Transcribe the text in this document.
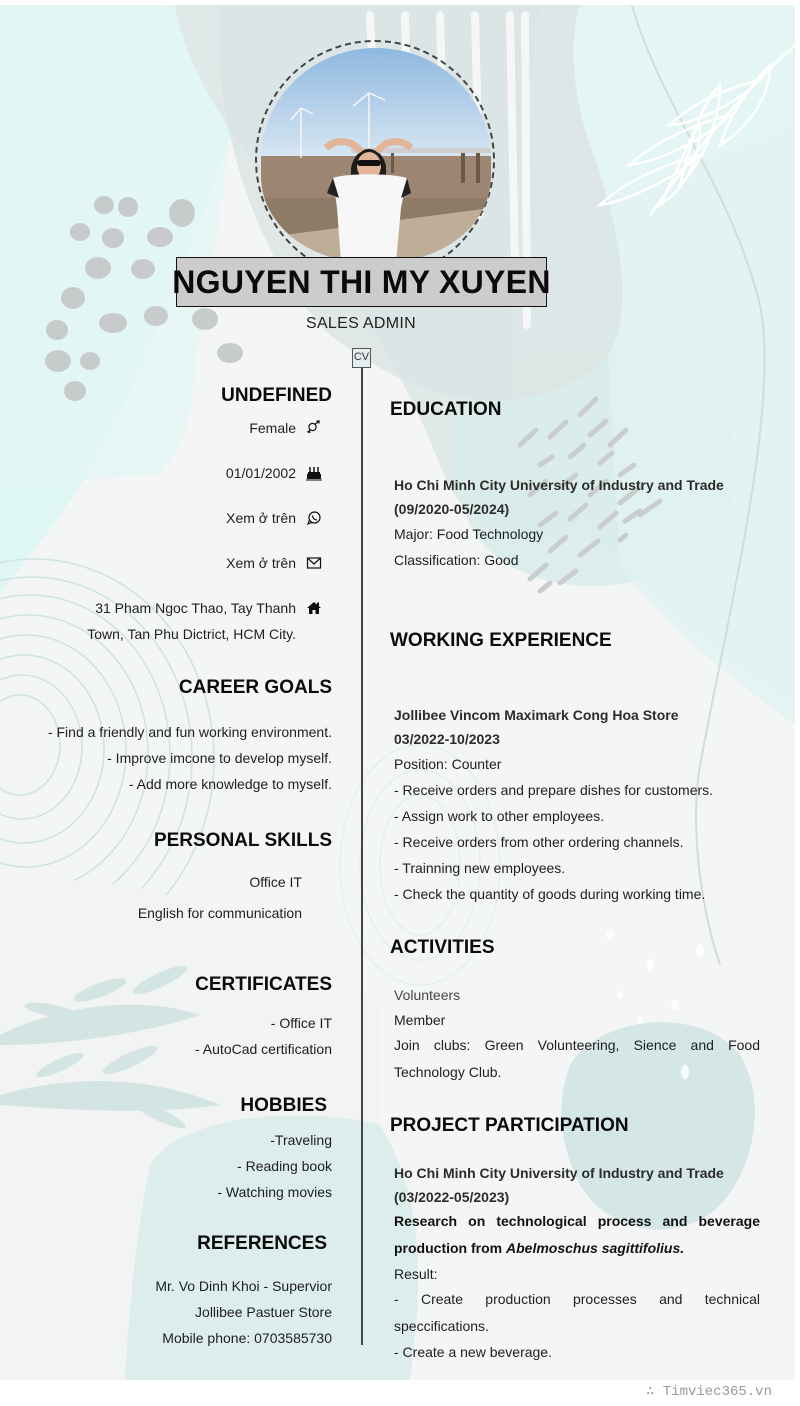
NGUYEN THI MY XUYEN
SALES ADMIN
CV
UNDEFINED
Female
01/01/2002
Xem ở trên
Xem ở trên
31 Pham Ngoc Thao, Tay Thanh
Town, Tan Phu Dictrict, HCM City.
CAREER GOALS
- Find a friendly and fun working environment.
- Improve imcone to develop myself.
- Add more knowledge to myself.
PERSONAL SKILLS
Office IT
English for communication
CERTIFICATES
- Office IT
- AutoCad certification
HOBBIES
-Traveling
- Reading book
- Watching movies
REFERENCES
Mr. Vo Dinh Khoi - Supervior
Jollibee Pastuer Store
Mobile phone: 0703585730
EDUCATION
Ho Chi Minh City University of Industry and Trade
(09/2020-05/2024)
Major: Food Technology
Classification: Good
WORKING EXPERIENCE
Jollibee Vincom Maximark Cong Hoa Store
03/2022-10/2023
Position: Counter
- Receive orders and prepare dishes for customers.
- Assign work to other employees.
- Receive orders from other ordering channels.
- Trainning new employees.
- Check the quantity of goods during working time.
ACTIVITIES
Volunteers
Member
Join clubs: Green Volunteering, Sience and Food
Technology Club.
PROJECT PARTICIPATION
Ho Chi Minh City University of Industry and Trade
(03/2022-05/2023)
Research on technological process and beverage
production from Abelmoschus sagittifolius.
Result:
- Create production processes and technical
speccifications.
- Create a new beverage.
∴ Timviec365.vn
